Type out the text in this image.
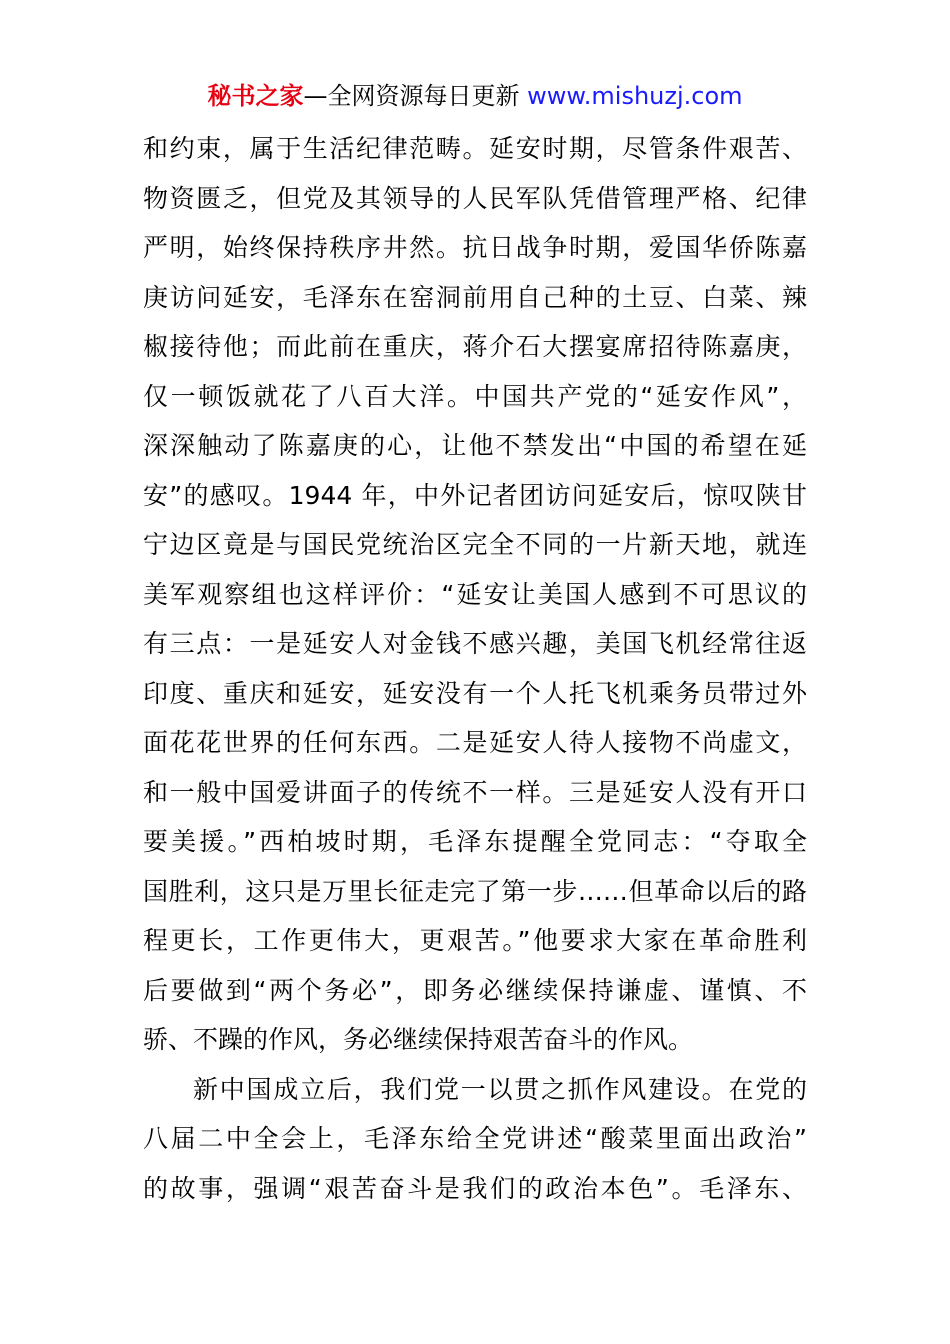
秘书之家—全网资源每日更新 www.mishuzj.com
和约束，属于生活纪律范畴。延安时期，尽管条件艰苦、
物资匮乏，但党及其领导的人民军队凭借管理严格、纪律
严明，始终保持秩序井然。抗日战争时期，爱国华侨陈嘉
庚访问延安，毛泽东在窑洞前用自己种的土豆、白菜、辣
椒接待他；而此前在重庆，蒋介石大摆宴席招待陈嘉庚，
仅一顿饭就花了八百大洋。中国共产党的“延安作风”，
深深触动了陈嘉庚的心，让他不禁发出“中国的希望在延
安”的感叹。1944 年，中外记者团访问延安后，惊叹陕甘
宁边区竟是与国民党统治区完全不同的一片新天地，就连
美军观察组也这样评价：“延安让美国人感到不可思议的
有三点：一是延安人对金钱不感兴趣，美国飞机经常往返
印度、重庆和延安，延安没有一个人托飞机乘务员带过外
面花花世界的任何东西。二是延安人待人接物不尚虚文，
和一般中国爱讲面子的传统不一样。三是延安人没有开口
要美援。”西柏坡时期，毛泽东提醒全党同志：“夺取全
国胜利，这只是万里长征走完了第一步……但革命以后的路
程更长，工作更伟大，更艰苦。”他要求大家在革命胜利
后要做到“两个务必”，即务必继续保持谦虚、谨慎、不
骄、不躁的作风，务必继续保持艰苦奋斗的作风。
新中国成立后，我们党一以贯之抓作风建设。在党的
八届二中全会上，毛泽东给全党讲述“酸菜里面出政治”
的故事，强调“艰苦奋斗是我们的政治本色”。毛泽东、
